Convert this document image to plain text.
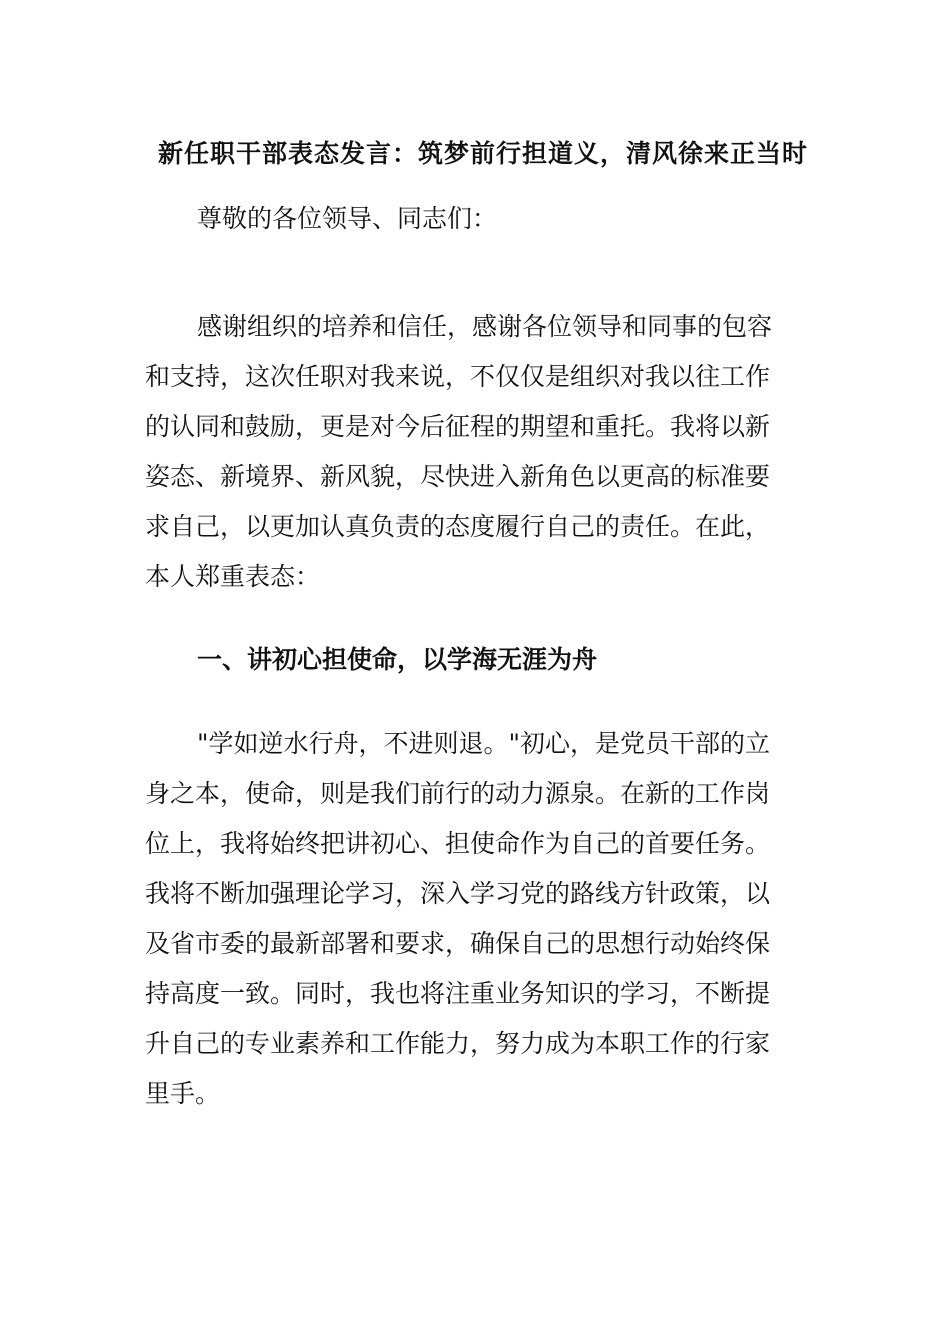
新任职干部表态发言：筑梦前行担道义，清风徐来正当时
尊敬的各位领导、同志们：
感谢组织的培养和信任，感谢各位领导和同事的包容
和支持，这次任职对我来说，不仅仅是组织对我以往工作
的认同和鼓励，更是对今后征程的期望和重托。我将以新
姿态、新境界、新风貌，尽快进入新角色以更高的标准要
求自己，以更加认真负责的态度履行自己的责任。在此，
本人郑重表态：
一、讲初心担使命，以学海无涯为舟
"学如逆水行舟，不进则退。"初心，是党员干部的立
身之本，使命，则是我们前行的动力源泉。在新的工作岗
位上，我将始终把讲初心、担使命作为自己的首要任务。
我将不断加强理论学习，深入学习党的路线方针政策，以
及省市委的最新部署和要求，确保自己的思想行动始终保
持高度一致。同时，我也将注重业务知识的学习，不断提
升自己的专业素养和工作能力，努力成为本职工作的行家
里手。
